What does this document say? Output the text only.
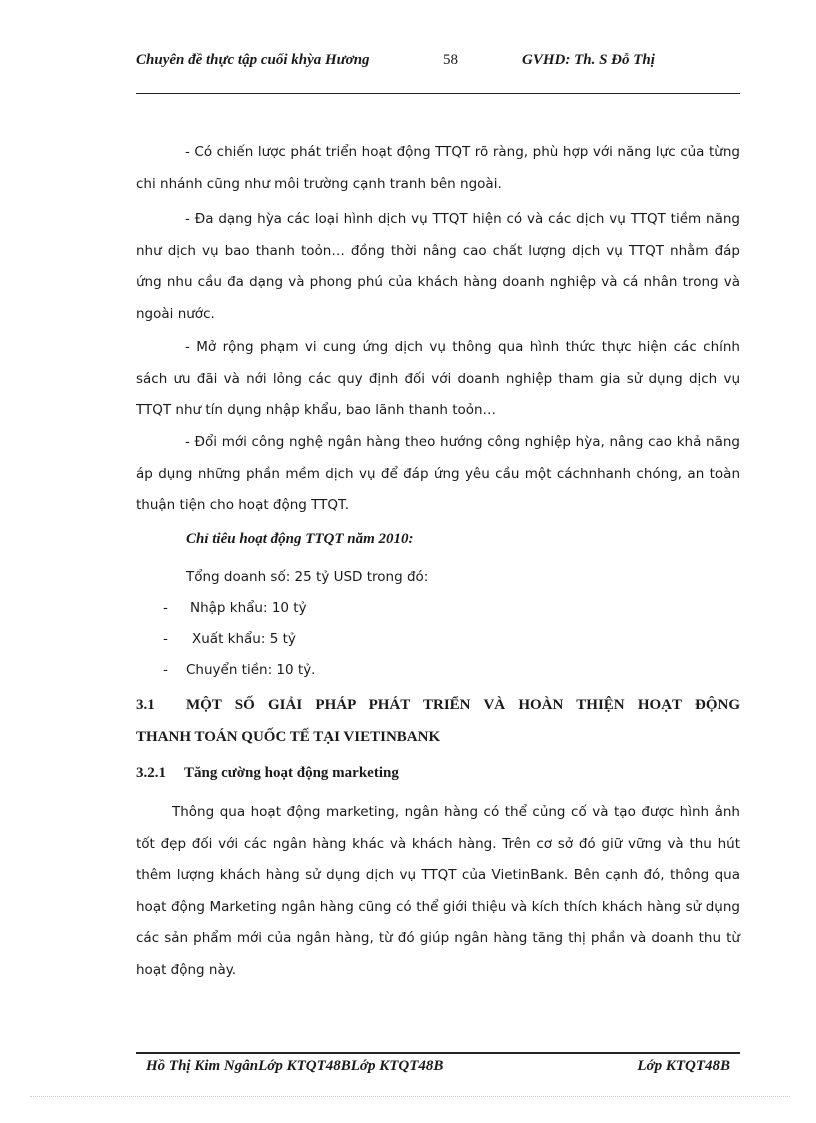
Chuyên đề thực tập cuối khỳa Hương	58	GVHD: Th. S Đỗ Thị
- Có chiến lược phát triển hoạt động TTQT rõ ràng, phù hợp với năng lực của từng chi nhánh cũng như môi trường cạnh tranh bên ngoài.
- Đa dạng hỳa các loại hình dịch vụ TTQT hiện có và các dịch vụ TTQT tiềm năng như dịch vụ bao thanh toỏn… đồng thời nâng cao chất lượng dịch vụ TTQT nhằm đáp ứng nhu cầu đa dạng và phong phú của khách hàng doanh nghiệp và cá nhân trong và ngoài nước.
- Mở rộng phạm vi cung ứng dịch vụ thông qua hình thức thực hiện các chính sách ưu đãi và nới lỏng các quy định đối với doanh nghiệp tham gia sử dụng dịch vụ TTQT như tín dụng nhập khẩu, bao lãnh thanh toỏn…
- Đổi mới công nghệ ngân hàng theo hướng công nghiệp hỳa, nâng cao khả năng áp dụng những phần mềm dịch vụ để đáp ứng yêu cầu một cáchnhanh chóng, an toàn thuận tiện cho hoạt động TTQT.
Chỉ tiêu hoạt động TTQT năm 2010:
Tổng doanh số: 25 tỷ USD trong đó:
- Nhập khẩu: 10 tỷ
- Xuất khẩu: 5 tỷ
- Chuyển tiền: 10 tỷ.
3.1 MỘT SỐ GIẢI PHÁP PHÁT TRIỂN VÀ HOÀN THIỆN HOẠT ĐỘNG
THANH TOÁN QUỐC TẾ TẠI VIETINBANK
3.2.1 Tăng cường hoạt động marketing
Thông qua hoạt động marketing, ngân hàng có thể củng cố và tạo được hình ảnh tốt đẹp đối với các ngân hàng khác và khách hàng. Trên cơ sở đó giữ vững và thu hút thêm lượng khách hàng sử dụng dịch vụ TTQT của VietinBank. Bên cạnh đó, thông qua hoạt động Marketing ngân hàng cũng có thể giới thiệu và kích thích khách hàng sử dụng các sản phẩm mới của ngân hàng, từ đó giúp ngân hàng tăng thị phần và doanh thu từ hoạt động này.
Hồ Thị Kim NgânLớp KTQT48BLớp KTQT48B	Lớp KTQT48B
